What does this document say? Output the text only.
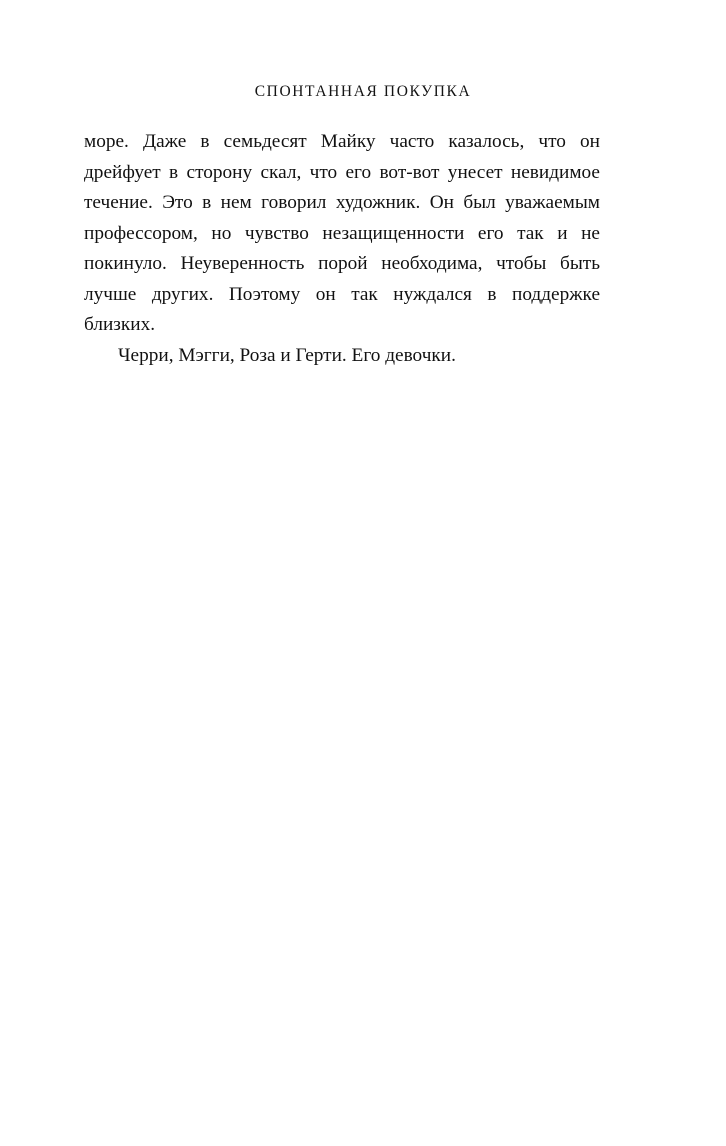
СПОНТАННАЯ ПОКУПКА

море. Даже в семьдесят Майку часто казалось, что он дрейфует в сторону скал, что его вот-вот унесет невидимое течение. Это в нем говорил художник. Он был уважаемым профессором, но чувство незащищенности его так и не покинуло. Неуверенность порой необходима, чтобы быть лучше других. Поэтому он так нуждался в поддержке близких.

Черри, Мэгги, Роза и Герти. Его девочки.
